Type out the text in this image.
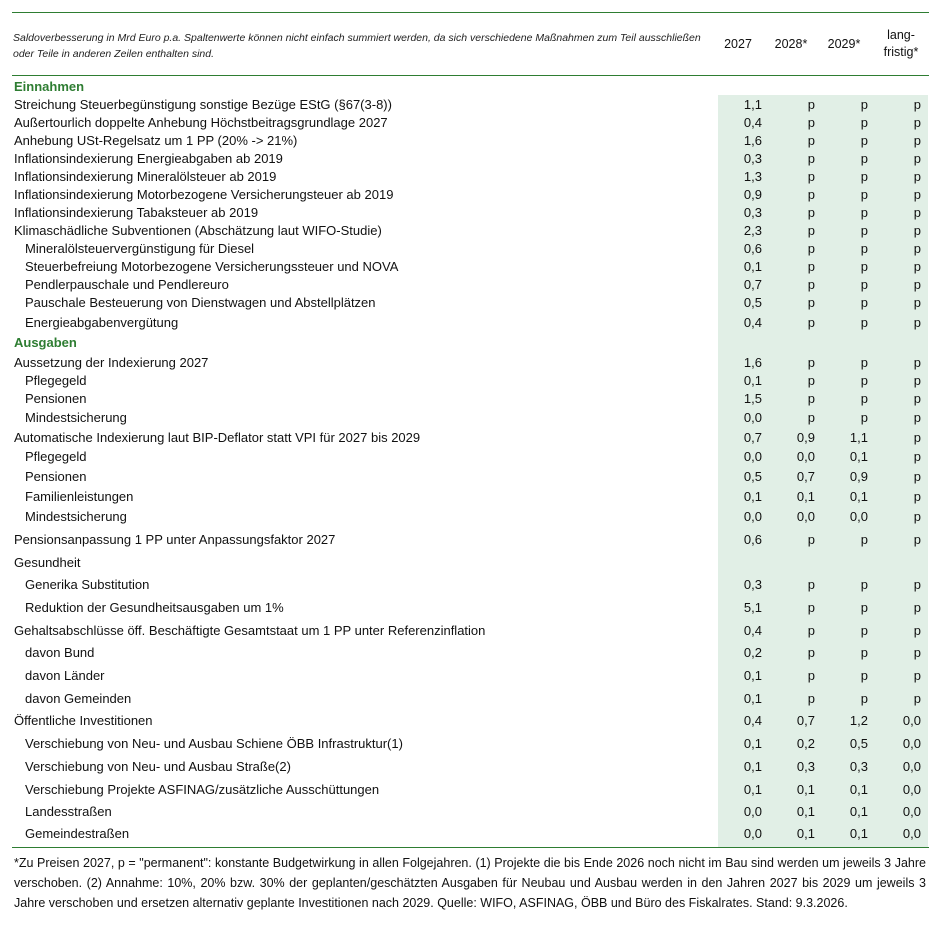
Saldoverbesserung in Mrd Euro p.a. Spaltenwerte können nicht einfach summiert werden, da sich verschiedene Maßnahmen zum Teil ausschließen oder Teile in anderen Zeilen enthalten sind.
2027	2028*	2029*
lang-
fristig*
Einnahmen
Streichung Steuerbegünstigung sonstige Bezüge EStG (§67(3-8))	1,1	p	p	p
Außertourlich doppelte Anhebung Höchstbeitragsgrundlage 2027	0,4	p	p	p
Anhebung USt-Regelsatz um 1 PP (20% -> 21%)	1,6	p	p	p
Inflationsindexierung Energieabgaben ab 2019	0,3	p	p	p
Inflationsindexierung Mineralölsteuer ab 2019	1,3	p	p	p
Inflationsindexierung Motorbezogene Versicherungsteuer ab 2019	0,9	p	p	p
Inflationsindexierung Tabaksteuer ab 2019	0,3	p	p	p
Klimaschädliche Subventionen (Abschätzung laut WIFO-Studie)	2,3	p	p	p
Mineralölsteuervergünstigung für Diesel	0,6	p	p	p
Steuerbefreiung Motorbezogene Versicherungssteuer und NOVA	0,1	p	p	p
Pendlerpauschale und Pendlereuro	0,7	p	p	p
Pauschale Besteuerung von Dienstwagen und Abstellplätzen	0,5	p	p	p
Energieabgabenvergütung	0,4	p	p	p
Ausgaben
Aussetzung der Indexierung 2027	1,6	p	p	p
Pflegegeld	0,1	p	p	p
Pensionen	1,5	p	p	p
Mindestsicherung	0,0	p	p	p
Automatische Indexierung laut BIP-Deflator statt VPI für 2027 bis 2029	0,7	0,9	1,1	p
Pflegegeld	0,0	0,0	0,1	p
Pensionen	0,5	0,7	0,9	p
Familienleistungen	0,1	0,1	0,1	p
Mindestsicherung	0,0	0,0	0,0	p
Pensionsanpassung 1 PP unter Anpassungsfaktor 2027	0,6	p	p	p
Gesundheit
Generika Substitution	0,3	p	p	p
Reduktion der Gesundheitsausgaben um 1%	5,1	p	p	p
Gehaltsabschlüsse öff. Beschäftigte Gesamtstaat um 1 PP unter Referenzinflation	0,4	p	p	p
davon Bund	0,2	p	p	p
davon Länder	0,1	p	p	p
davon Gemeinden	0,1	p	p	p
Öffentliche Investitionen	0,4	0,7	1,2	0,0
Verschiebung von Neu- und Ausbau Schiene ÖBB Infrastruktur(1)	0,1	0,2	0,5	0,0
Verschiebung von Neu- und Ausbau Straße(2)	0,1	0,3	0,3	0,0
Verschiebung Projekte ASFINAG/zusätzliche Ausschüttungen	0,1	0,1	0,1	0,0
Landesstraßen	0,0	0,1	0,1	0,0
Gemeindestraßen	0,0	0,1	0,1	0,0
*Zu Preisen 2027, p = "permanent": konstante Budgetwirkung in allen Folgejahren. (1) Projekte die bis Ende 2026 noch nicht im Bau sind werden um jeweils 3 Jahre verschoben. (2) Annahme: 10%, 20% bzw. 30% der geplanten/geschätzten Ausgaben für Neubau und Ausbau werden in den Jahren 2027 bis 2029 um jeweils 3 Jahre verschoben und ersetzen alternativ geplante Investitionen nach 2029. Quelle: WIFO, ASFINAG, ÖBB und Büro des Fiskalrates. Stand: 9.3.2026.
